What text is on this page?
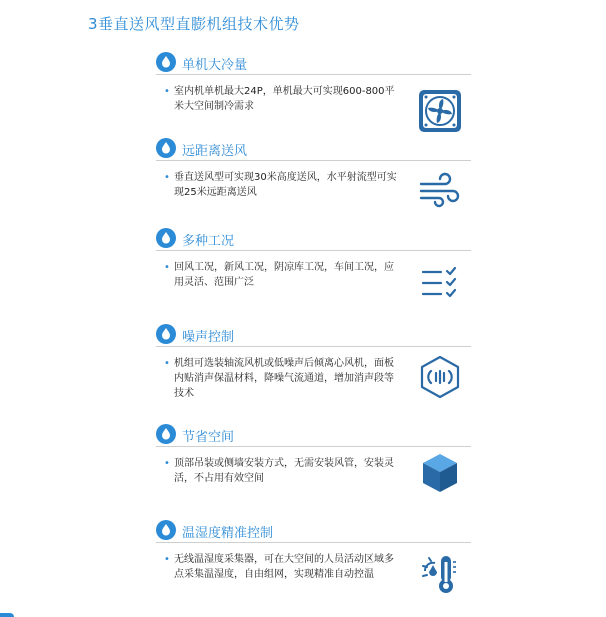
3垂直送风型直膨机组技术优势
单机大冷量
• 室内机单机最大24P，单机最大可实现600-800平米大空间制冷需求
远距离送风
• 垂直送风型可实现30米高度送风，水平射流型可实现25米远距离送风
多种工况
• 回风工况，新风工况，阴凉库工况，车间工况，应用灵活、范围广泛
噪声控制
• 机组可选装轴流风机或低噪声后倾离心风机，面板内贴消声保温材料，降噪气流通道，增加消声段等技术
节省空间
• 顶部吊装或侧墙安装方式，无需安装风管，安装灵活，不占用有效空间
温湿度精准控制
• 无线温湿度采集器，可在大空间的人员活动区域多点采集温湿度，自由组网，实现精准自动控温
